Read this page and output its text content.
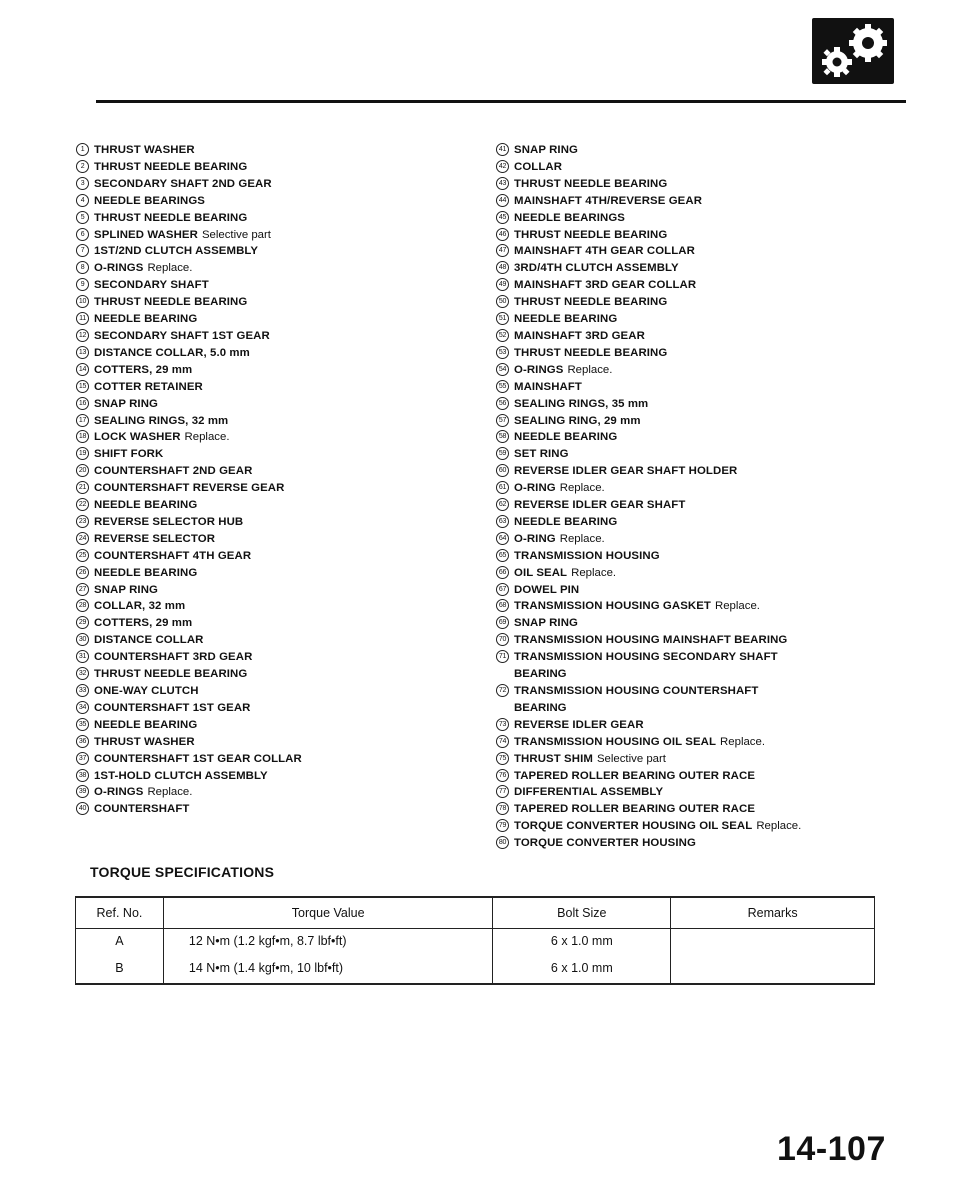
1 THRUST WASHER
2 THRUST NEEDLE BEARING
3 SECONDARY SHAFT 2ND GEAR
4 NEEDLE BEARINGS
5 THRUST NEEDLE BEARING
6 SPLINED WASHER Selective part
7 1ST/2ND CLUTCH ASSEMBLY
8 O-RINGS Replace.
9 SECONDARY SHAFT
10 THRUST NEEDLE BEARING
11 NEEDLE BEARING
12 SECONDARY SHAFT 1ST GEAR
13 DISTANCE COLLAR, 5.0 mm
14 COTTERS, 29 mm
15 COTTER RETAINER
16 SNAP RING
17 SEALING RINGS, 32 mm
18 LOCK WASHER Replace.
19 SHIFT FORK
20 COUNTERSHAFT 2ND GEAR
21 COUNTERSHAFT REVERSE GEAR
22 NEEDLE BEARING
23 REVERSE SELECTOR HUB
24 REVERSE SELECTOR
25 COUNTERSHAFT 4TH GEAR
26 NEEDLE BEARING
27 SNAP RING
28 COLLAR, 32 mm
29 COTTERS, 29 mm
30 DISTANCE COLLAR
31 COUNTERSHAFT 3RD GEAR
32 THRUST NEEDLE BEARING
33 ONE-WAY CLUTCH
34 COUNTERSHAFT 1ST GEAR
35 NEEDLE BEARING
36 THRUST WASHER
37 COUNTERSHAFT 1ST GEAR COLLAR
38 1ST-HOLD CLUTCH ASSEMBLY
39 O-RINGS Replace.
40 COUNTERSHAFT
41 SNAP RING
42 COLLAR
43 THRUST NEEDLE BEARING
44 MAINSHAFT 4TH/REVERSE GEAR
45 NEEDLE BEARINGS
46 THRUST NEEDLE BEARING
47 MAINSHAFT 4TH GEAR COLLAR
48 3RD/4TH CLUTCH ASSEMBLY
49 MAINSHAFT 3RD GEAR COLLAR
50 THRUST NEEDLE BEARING
51 NEEDLE BEARING
52 MAINSHAFT 3RD GEAR
53 THRUST NEEDLE BEARING
54 O-RINGS Replace.
55 MAINSHAFT
56 SEALING RINGS, 35 mm
57 SEALING RING, 29 mm
58 NEEDLE BEARING
59 SET RING
60 REVERSE IDLER GEAR SHAFT HOLDER
61 O-RING Replace.
62 REVERSE IDLER GEAR SHAFT
63 NEEDLE BEARING
64 O-RING Replace.
65 TRANSMISSION HOUSING
66 OIL SEAL Replace.
67 DOWEL PIN
68 TRANSMISSION HOUSING GASKET Replace.
69 SNAP RING
70 TRANSMISSION HOUSING MAINSHAFT BEARING
71 TRANSMISSION HOUSING SECONDARY SHAFT
BEARING
72 TRANSMISSION HOUSING COUNTERSHAFT
BEARING
73 REVERSE IDLER GEAR
74 TRANSMISSION HOUSING OIL SEAL Replace.
75 THRUST SHIM Selective part
76 TAPERED ROLLER BEARING OUTER RACE
77 DIFFERENTIAL ASSEMBLY
78 TAPERED ROLLER BEARING OUTER RACE
79 TORQUE CONVERTER HOUSING OIL SEAL Replace.
80 TORQUE CONVERTER HOUSING
TORQUE SPECIFICATIONS
Ref. No.	Torque Value	Bolt Size	Remarks
A	12 N•m (1.2 kgf•m, 8.7 lbf•ft)	6 x 1.0 mm	
B	14 N•m (1.4 kgf•m, 10 lbf•ft)	6 x 1.0 mm	
14-107
